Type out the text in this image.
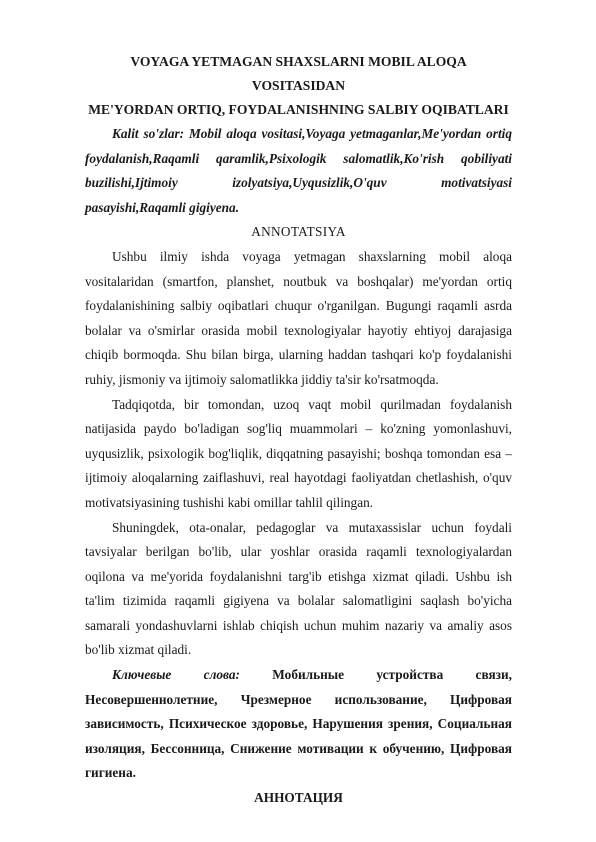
VOYAGA YETMAGAN SHAXSLARNI MOBIL ALOQA VOSITASIDAN
ME'YORDAN ORTIQ, FOYDALANISHNING SALBIY OQIBATLARI

Kalit so'zlar: Mobil aloqa vositasi,Voyaga yetmaganlar,Me'yordan ortiq foydalanish,Raqamli qaramlik,Psixologik salomatlik,Ko'rish qobiliyati buzilishi,Ijtimoiy izolyatsiya,Uyqusizlik,O'quv motivatsiyasi pasayishi,Raqamli gigiyena.

ANNOTATSIYA

Ushbu ilmiy ishda voyaga yetmagan shaxslarning mobil aloqa vositalaridan (smartfon, planshet, noutbuk va boshqalar) me'yordan ortiq foydalanishining salbiy oqibatlari chuqur o'rganilgan. Bugungi raqamli asrda bolalar va o'smirlar orasida mobil texnologiyalar hayotiy ehtiyoj darajasiga chiqib bormoqda. Shu bilan birga, ularning haddan tashqari ko'p foydalanishi ruhiy, jismoniy va ijtimoiy salomatlikka jiddiy ta'sir ko'rsatmoqda.

Tadqiqotda, bir tomondan, uzoq vaqt mobil qurilmadan foydalanish natijasida paydo bo'ladigan sog'liq muammolari – ko'zning yomonlashuvi, uyqusizlik, psixologik bog'liqlik, diqqatning pasayishi; boshqa tomondan esa – ijtimoiy aloqalarning zaiflashuvi, real hayotdagi faoliyatdan chetlashish, o'quv motivatsiyasining tushishi kabi omillar tahlil qilingan.

Shuningdek, ota-onalar, pedagoglar va mutaxassislar uchun foydali tavsiyalar berilgan bo'lib, ular yoshlar orasida raqamli texnologiyalardan oqilona va me'yorida foydalanishni targ'ib etishga xizmat qiladi. Ushbu ish ta'lim tizimida raqamli gigiyena va bolalar salomatligini saqlash bo'yicha samarali yondashuvlarni ishlab chiqish uchun muhim nazariy va amaliy asos bo'lib xizmat qiladi.

Ключевые слова: Мобильные устройства связи, Несовершеннолетние, Чрезмерное использование, Цифровая зависимость, Психическое здоровье, Нарушения зрения, Социальная изоляция, Бессонница, Снижение мотивации к обучению, Цифровая гигиена.

АННОТАЦИЯ
